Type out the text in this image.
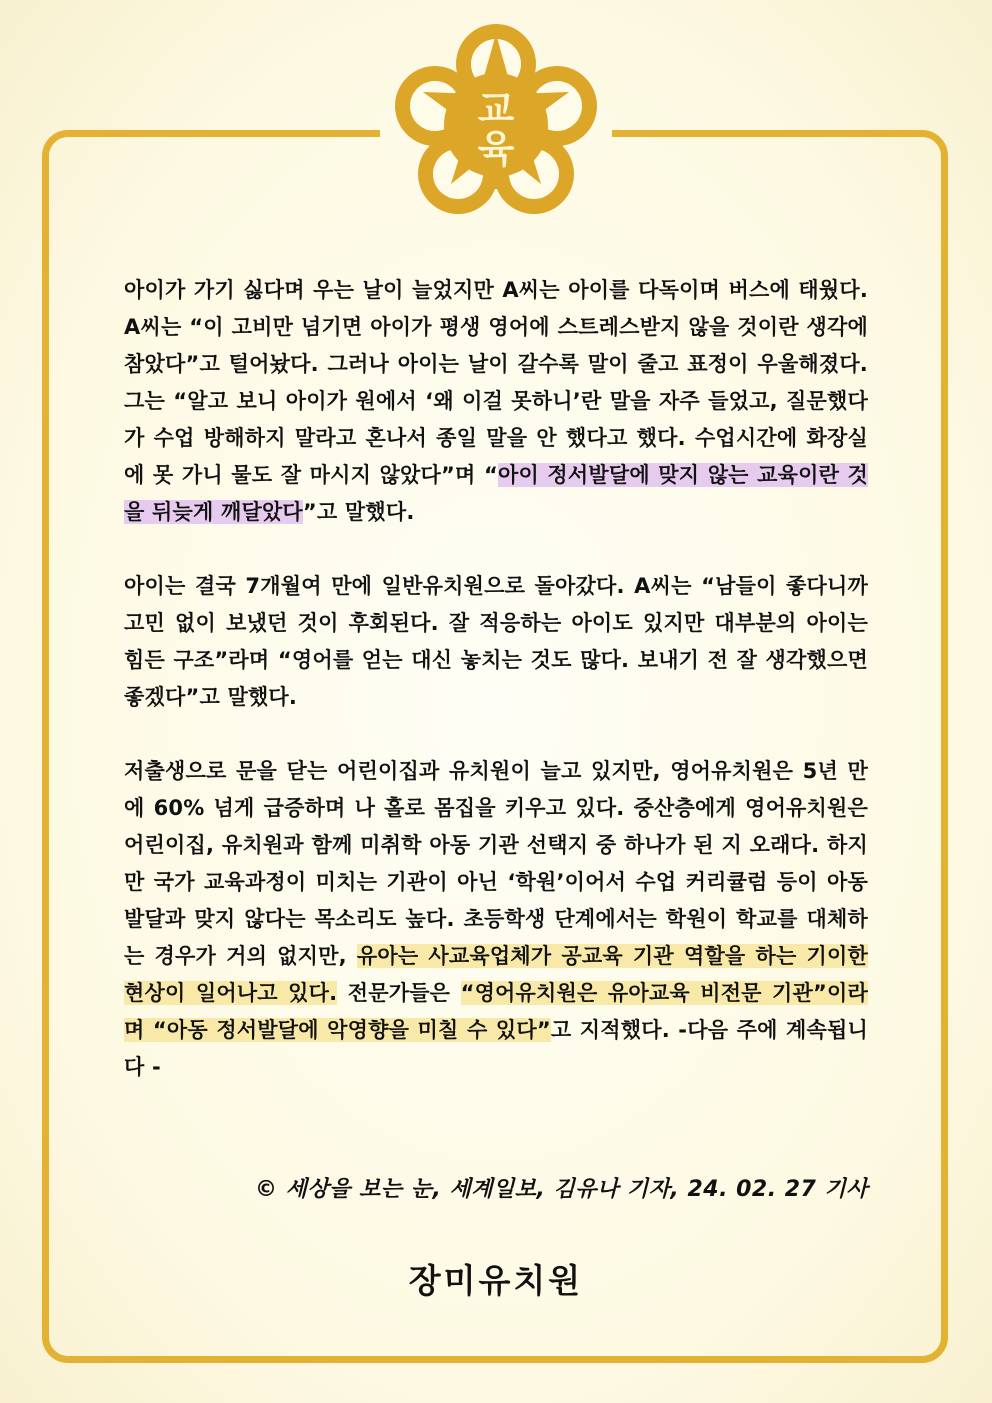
교
육

아이가 가기 싫다며 우는 날이 늘었지만 A씨는 아이를 다독이며 버스에 태웠다. A씨는 “이 고비만 넘기면 아이가 평생 영어에 스트레스받지 않을 것이란 생각에 참았다”고 털어놨다. 그러나 아이는 날이 갈수록 말이 줄고 표정이 우울해졌다. 그는 “알고 보니 아이가 원에서 ‘왜 이걸 못하니’란 말을 자주 들었고, 질문했다가 수업 방해하지 말라고 혼나서 종일 말을 안 했다고 했다. 수업시간에 화장실에 못 가니 물도 잘 마시지 않았다”며 “아이 정서발달에 맞지 않는 교육이란 것을 뒤늦게 깨달았다”고 말했다.

아이는 결국 7개월여 만에 일반유치원으로 돌아갔다. A씨는 “남들이 좋다니까 고민 없이 보냈던 것이 후회된다. 잘 적응하는 아이도 있지만 대부분의 아이는 힘든 구조”라며 “영어를 얻는 대신 놓치는 것도 많다. 보내기 전 잘 생각했으면 좋겠다”고 말했다.

저출생으로 문을 닫는 어린이집과 유치원이 늘고 있지만, 영어유치원은 5년 만에 60% 넘게 급증하며 나 홀로 몸집을 키우고 있다. 중산층에게 영어유치원은 어린이집, 유치원과 함께 미취학 아동 기관 선택지 중 하나가 된 지 오래다. 하지만 국가 교육과정이 미치는 기관이 아닌 ‘학원’이어서 수업 커리큘럼 등이 아동 발달과 맞지 않다는 목소리도 높다. 초등학생 단계에서는 학원이 학교를 대체하는 경우가 거의 없지만, 유아는 사교육업체가 공교육 기관 역할을 하는 기이한 현상이 일어나고 있다. 전문가들은 “영어유치원은 유아교육 비전문 기관”이라며 “아동 정서발달에 악영향을 미칠 수 있다”고 지적했다. -다음 주에 계속됩니다 -

© 세상을 보는 눈, 세계일보, 김유나 기자, 24. 02. 27 기사
장미유치원
